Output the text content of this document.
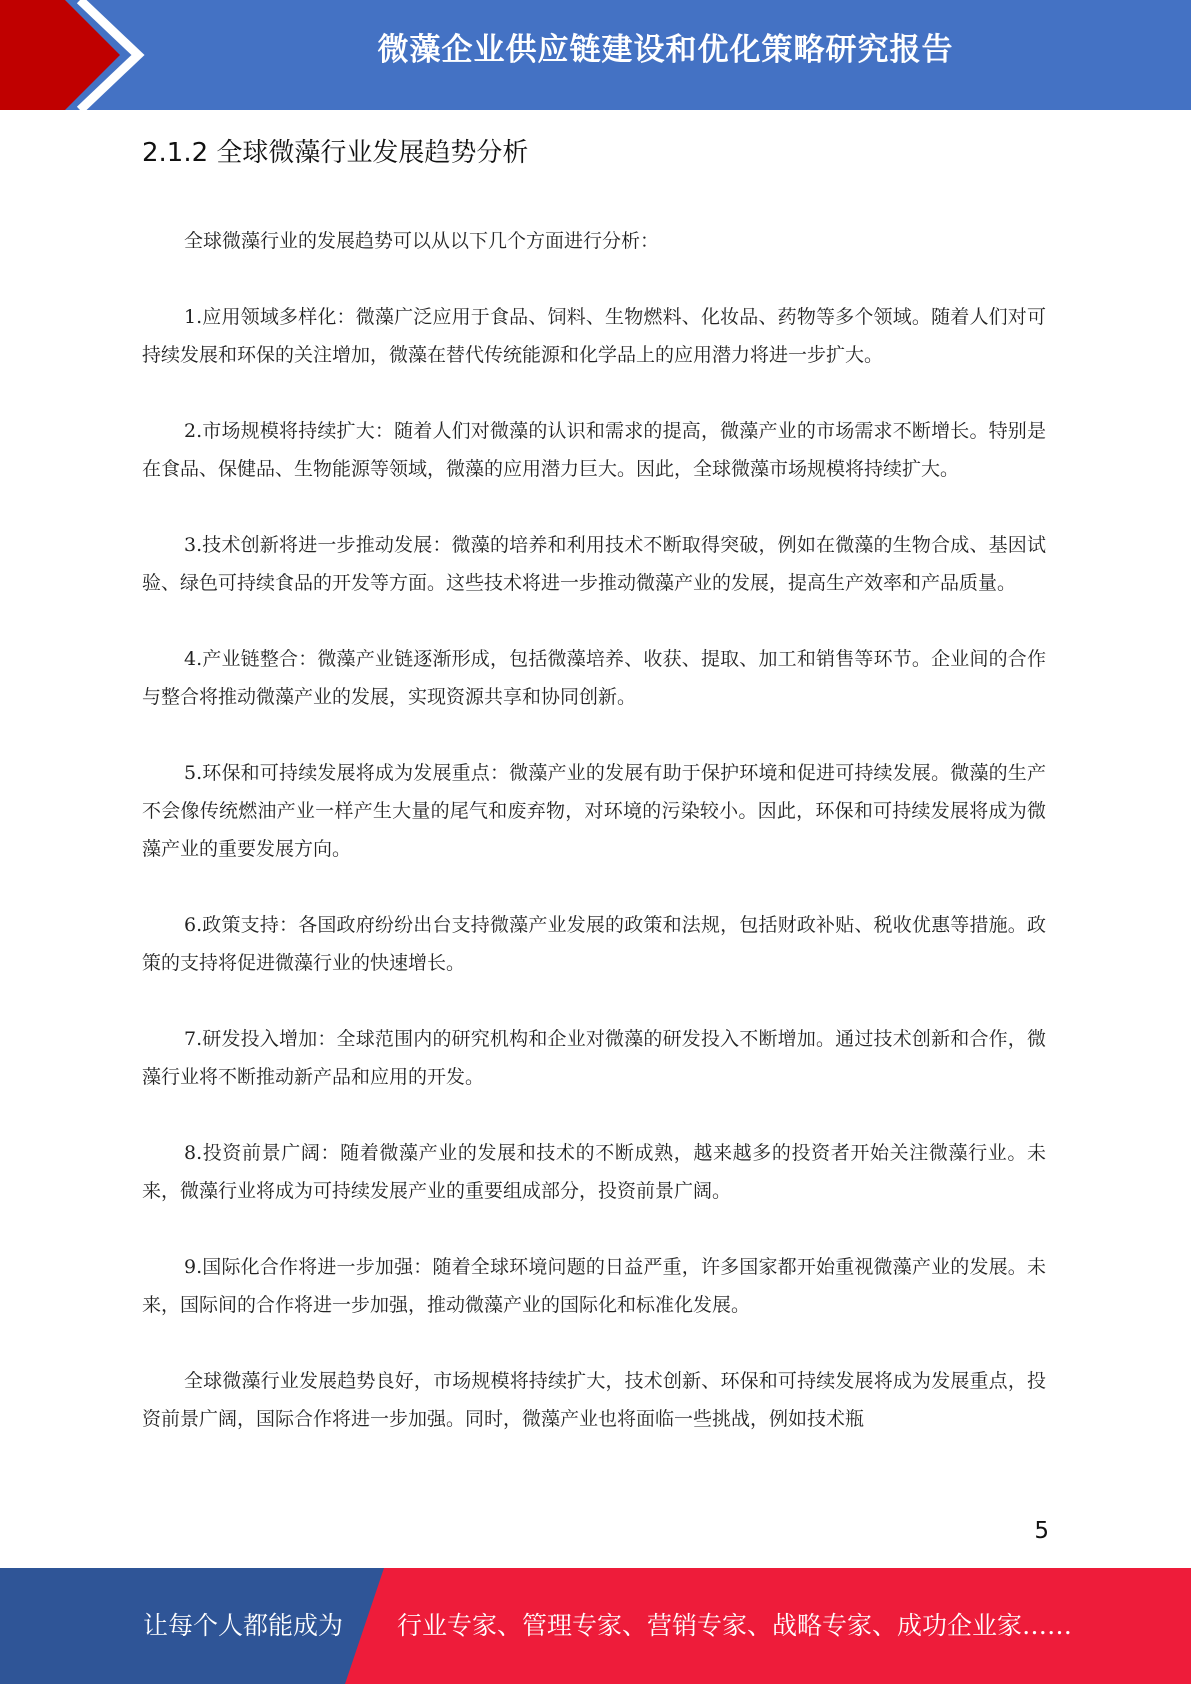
微藻企业供应链建设和优化策略研究报告
2.1.2 全球微藻行业发展趋势分析

全球微藻行业的发展趋势可以从以下几个方面进行分析：

1.应用领域多样化：微藻广泛应用于食品、饲料、生物燃料、化妆品、药物等多个领域。随着人们对可持续发展和环保的关注增加，微藻在替代传统能源和化学品上的应用潜力将进一步扩大。

2.市场规模将持续扩大：随着人们对微藻的认识和需求的提高，微藻产业的市场需求不断增长。特别是在食品、保健品、生物能源等领域，微藻的应用潜力巨大。因此，全球微藻市场规模将持续扩大。

3.技术创新将进一步推动发展：微藻的培养和利用技术不断取得突破，例如在微藻的生物合成、基因试验、绿色可持续食品的开发等方面。这些技术将进一步推动微藻产业的发展，提高生产效率和产品质量。

4.产业链整合：微藻产业链逐渐形成，包括微藻培养、收获、提取、加工和销售等环节。企业间的合作与整合将推动微藻产业的发展，实现资源共享和协同创新。

5.环保和可持续发展将成为发展重点：微藻产业的发展有助于保护环境和促进可持续发展。微藻的生产不会像传统燃油产业一样产生大量的尾气和废弃物，对环境的污染较小。因此，环保和可持续发展将成为微藻产业的重要发展方向。

6.政策支持：各国政府纷纷出台支持微藻产业发展的政策和法规，包括财政补贴、税收优惠等措施。政策的支持将促进微藻行业的快速增长。

7.研发投入增加：全球范围内的研究机构和企业对微藻的研发投入不断增加。通过技术创新和合作，微藻行业将不断推动新产品和应用的开发。

8.投资前景广阔：随着微藻产业的发展和技术的不断成熟，越来越多的投资者开始关注微藻行业。未来，微藻行业将成为可持续发展产业的重要组成部分，投资前景广阔。

9.国际化合作将进一步加强：随着全球环境问题的日益严重，许多国家都开始重视微藻产业的发展。未来，国际间的合作将进一步加强，推动微藻产业的国际化和标准化发展。

全球微藻行业发展趋势良好，市场规模将持续扩大，技术创新、环保和可持续发展将成为发展重点，投资前景广阔，国际合作将进一步加强。同时，微藻产业也将面临一些挑战，例如技术瓶

5
让每个人都能成为 行业专家、管理专家、营销专家、战略专家、成功企业家……
